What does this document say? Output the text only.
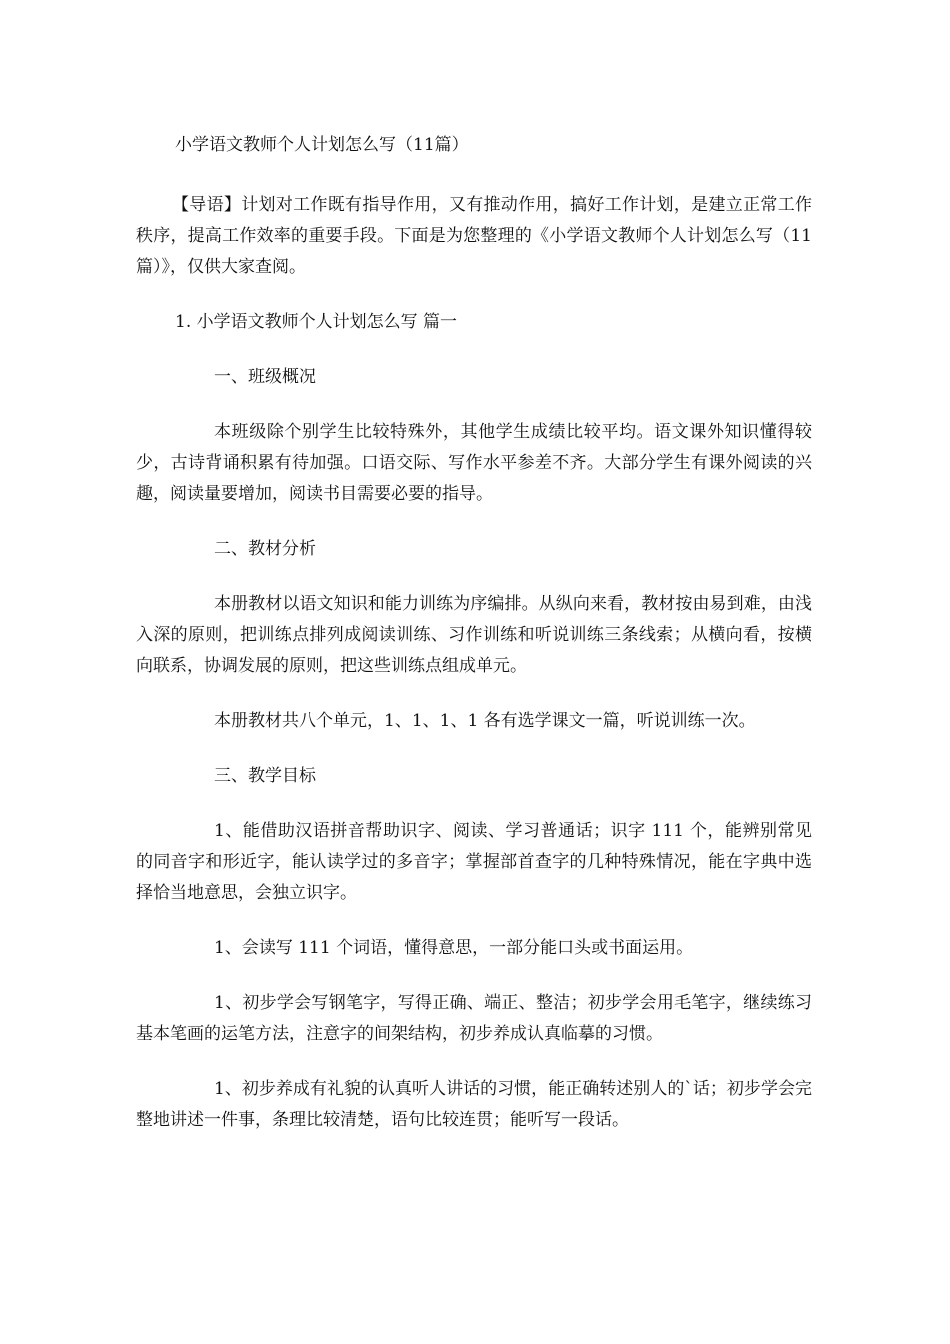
小学语文教师个人计划怎么写（11篇）

【导语】计划对工作既有指导作用，又有推动作用，搞好工作计划，是建立正常工作秩序，提高工作效率的重要手段。下面是为您整理的《小学语文教师个人计划怎么写（11篇）》，仅供大家查阅。

1. 小学语文教师个人计划怎么写 篇一

一、班级概况

本班级除个别学生比较特殊外，其他学生成绩比较平均。语文课外知识懂得较少，古诗背诵积累有待加强。口语交际、写作水平参差不齐。大部分学生有课外阅读的兴趣，阅读量要增加，阅读书目需要必要的指导。

二、教材分析

本册教材以语文知识和能力训练为序编排。从纵向来看，教材按由易到难，由浅入深的原则，把训练点排列成阅读训练、习作训练和听说训练三条线索；从横向看，按横向联系，协调发展的原则，把这些训练点组成单元。

本册教材共八个单元，1、1、1、1 各有选学课文一篇，听说训练一次。

三、教学目标

1、能借助汉语拼音帮助识字、阅读、学习普通话；识字 111 个，能辨别常见的同音字和形近字，能认读学过的多音字；掌握部首查字的几种特殊情况，能在字典中选择恰当地意思，会独立识字。

1、会读写 111 个词语，懂得意思，一部分能口头或书面运用。

1、初步学会写钢笔字，写得正确、端正、整洁；初步学会用毛笔字，继续练习基本笔画的运笔方法，注意字的间架结构，初步养成认真临摹的习惯。

1、初步养成有礼貌的认真听人讲话的习惯，能正确转述别人的`话；初步学会完整地讲述一件事，条理比较清楚，语句比较连贯；能听写一段话。
